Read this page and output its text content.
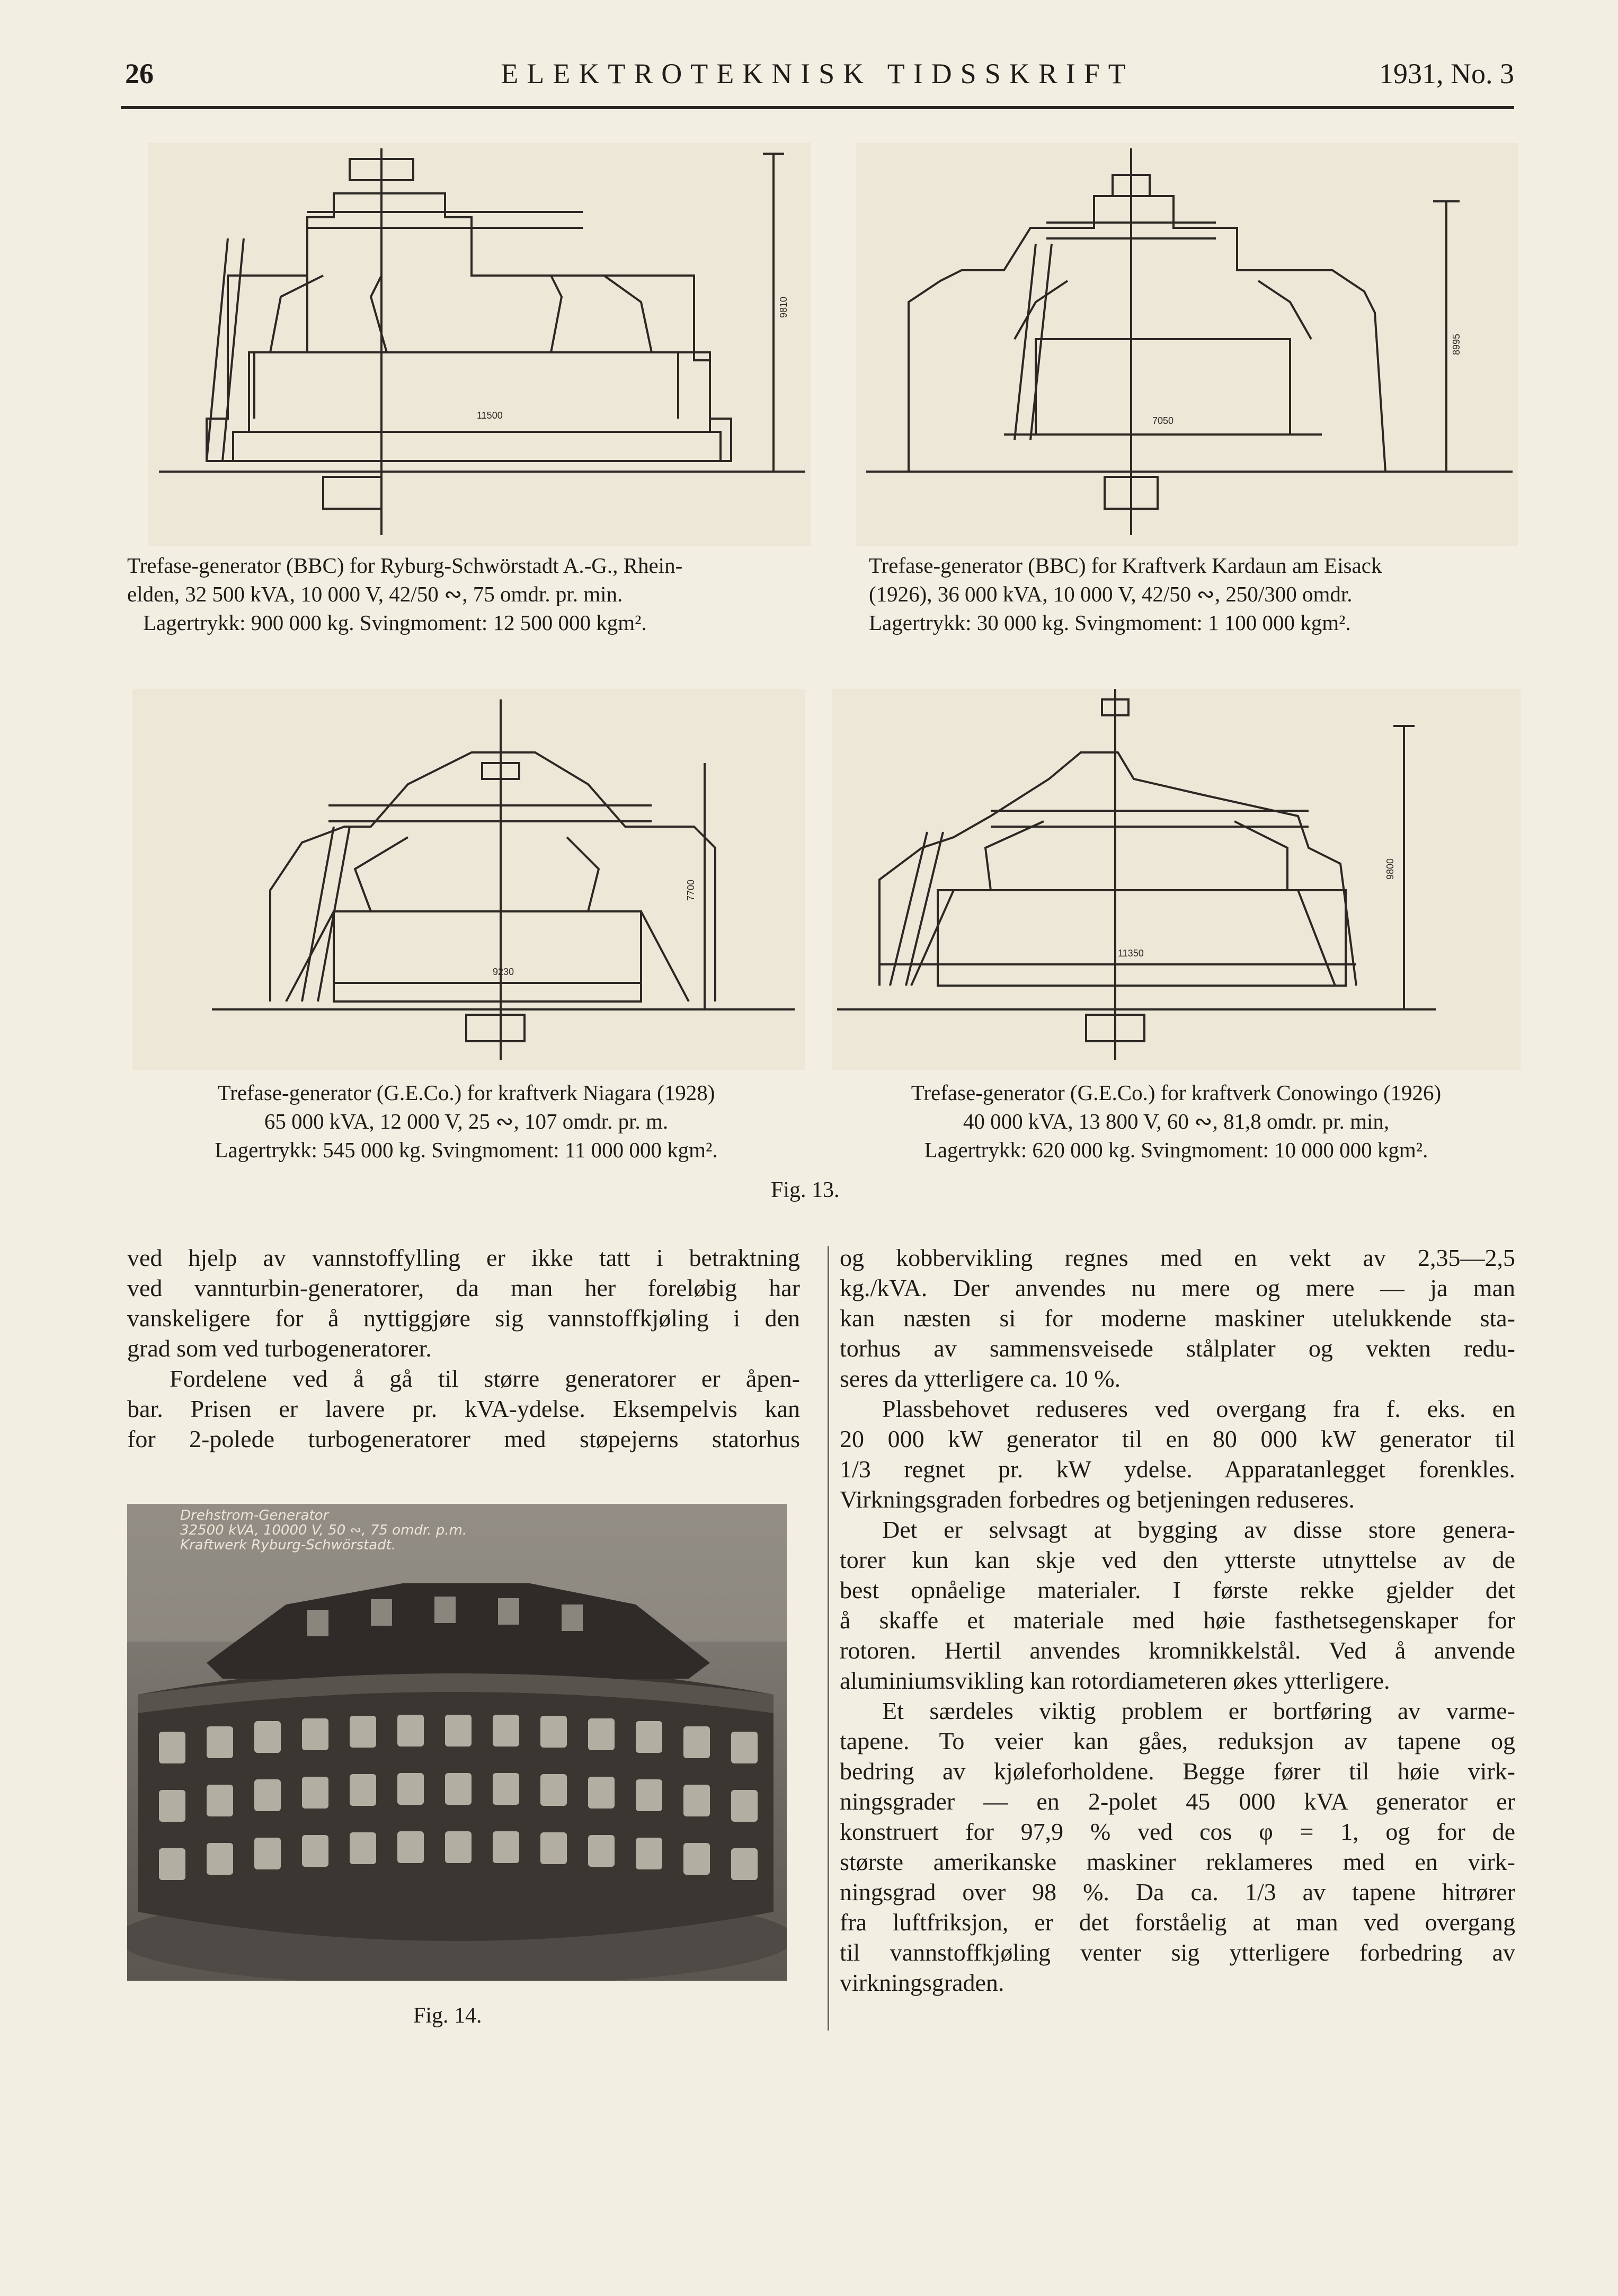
26	ELEKTROTEKNISK TIDSSKRIFT	1931, No. 3
11500
9810
7050
8995
Trefase-generator (BBC) for Ryburg-Schwörstadt A.-G., Rhein-
elden, 32 500 kVA, 10 000 V, 42/50 ∾, 75 omdr. pr. min.
Lagertrykk: 900 000 kg. Svingmoment: 12 500 000 kgm².
Trefase-generator (BBC) for Kraftverk Kardaun am Eisack
(1926), 36 000 kVA, 10 000 V, 42/50 ∾, 250/300 omdr.
Lagertrykk: 30 000 kg. Svingmoment: 1 100 000 kgm².
9230
7700
11350
9800
Trefase-generator (G.E.Co.) for kraftverk Niagara (1928)
65 000 kVA, 12 000 V, 25 ∾, 107 omdr. pr. m.
Lagertrykk: 545 000 kg. Svingmoment: 11 000 000 kgm².
Trefase-generator (G.E.Co.) for kraftverk Conowingo (1926)
40 000 kVA, 13 800 V, 60 ∾, 81,8 omdr. pr. min,
Lagertrykk: 620 000 kg. Svingmoment: 10 000 000 kgm².
Fig. 13.
ved hjelp av vannstoffylling er ikke tatt i betraktning
ved vannturbin-generatorer, da man her foreløbig har
vanskeligere for å nyttiggjøre sig vannstoffkjøling i den
grad som ved turbogeneratorer.
Fordelene ved å gå til større generatorer er åpen-
bar. Prisen er lavere pr. kVA-ydelse. Eksempelvis kan
for 2-polede turbogeneratorer med støpejerns statorhus
Drehstrom-Generator
32500 kVA, 10000 V, 50 ∾, 75 omdr. p.m.
Kraftwerk Ryburg-Schwörstadt.
Fig. 14.
og kobbervikling regnes med en vekt av 2,35—2,5
kg./kVA. Der anvendes nu mere og mere — ja man
kan næsten si for moderne maskiner utelukkende sta-
torhus av sammensveisede stålplater og vekten redu-
seres da ytterligere ca. 10 %.
Plassbehovet reduseres ved overgang fra f. eks. en
20 000 kW generator til en 80 000 kW generator til
1/3 regnet pr. kW ydelse. Apparatanlegget forenkles.
Virkningsgraden forbedres og betjeningen reduseres.
Det er selvsagt at bygging av disse store genera-
torer kun kan skje ved den ytterste utnyttelse av de
best opnåelige materialer. I første rekke gjelder det
å skaffe et materiale med høie fasthetsegenskaper for
rotoren. Hertil anvendes kromnikkelstål. Ved å anvende
aluminiumsvikling kan rotordiameteren økes ytterligere.
Et særdeles viktig problem er bortføring av varme-
tapene. To veier kan gåes, reduksjon av tapene og
bedring av kjøleforholdene. Begge fører til høie virk-
ningsgrader — en 2-polet 45 000 kVA generator er
konstruert for 97,9 % ved cos φ = 1, og for de
største amerikanske maskiner reklameres med en virk-
ningsgrad over 98 %. Da ca. 1/3 av tapene hitrører
fra luftfriksjon, er det forståelig at man ved overgang
til vannstoffkjøling venter sig ytterligere forbedring av
virkningsgraden.
